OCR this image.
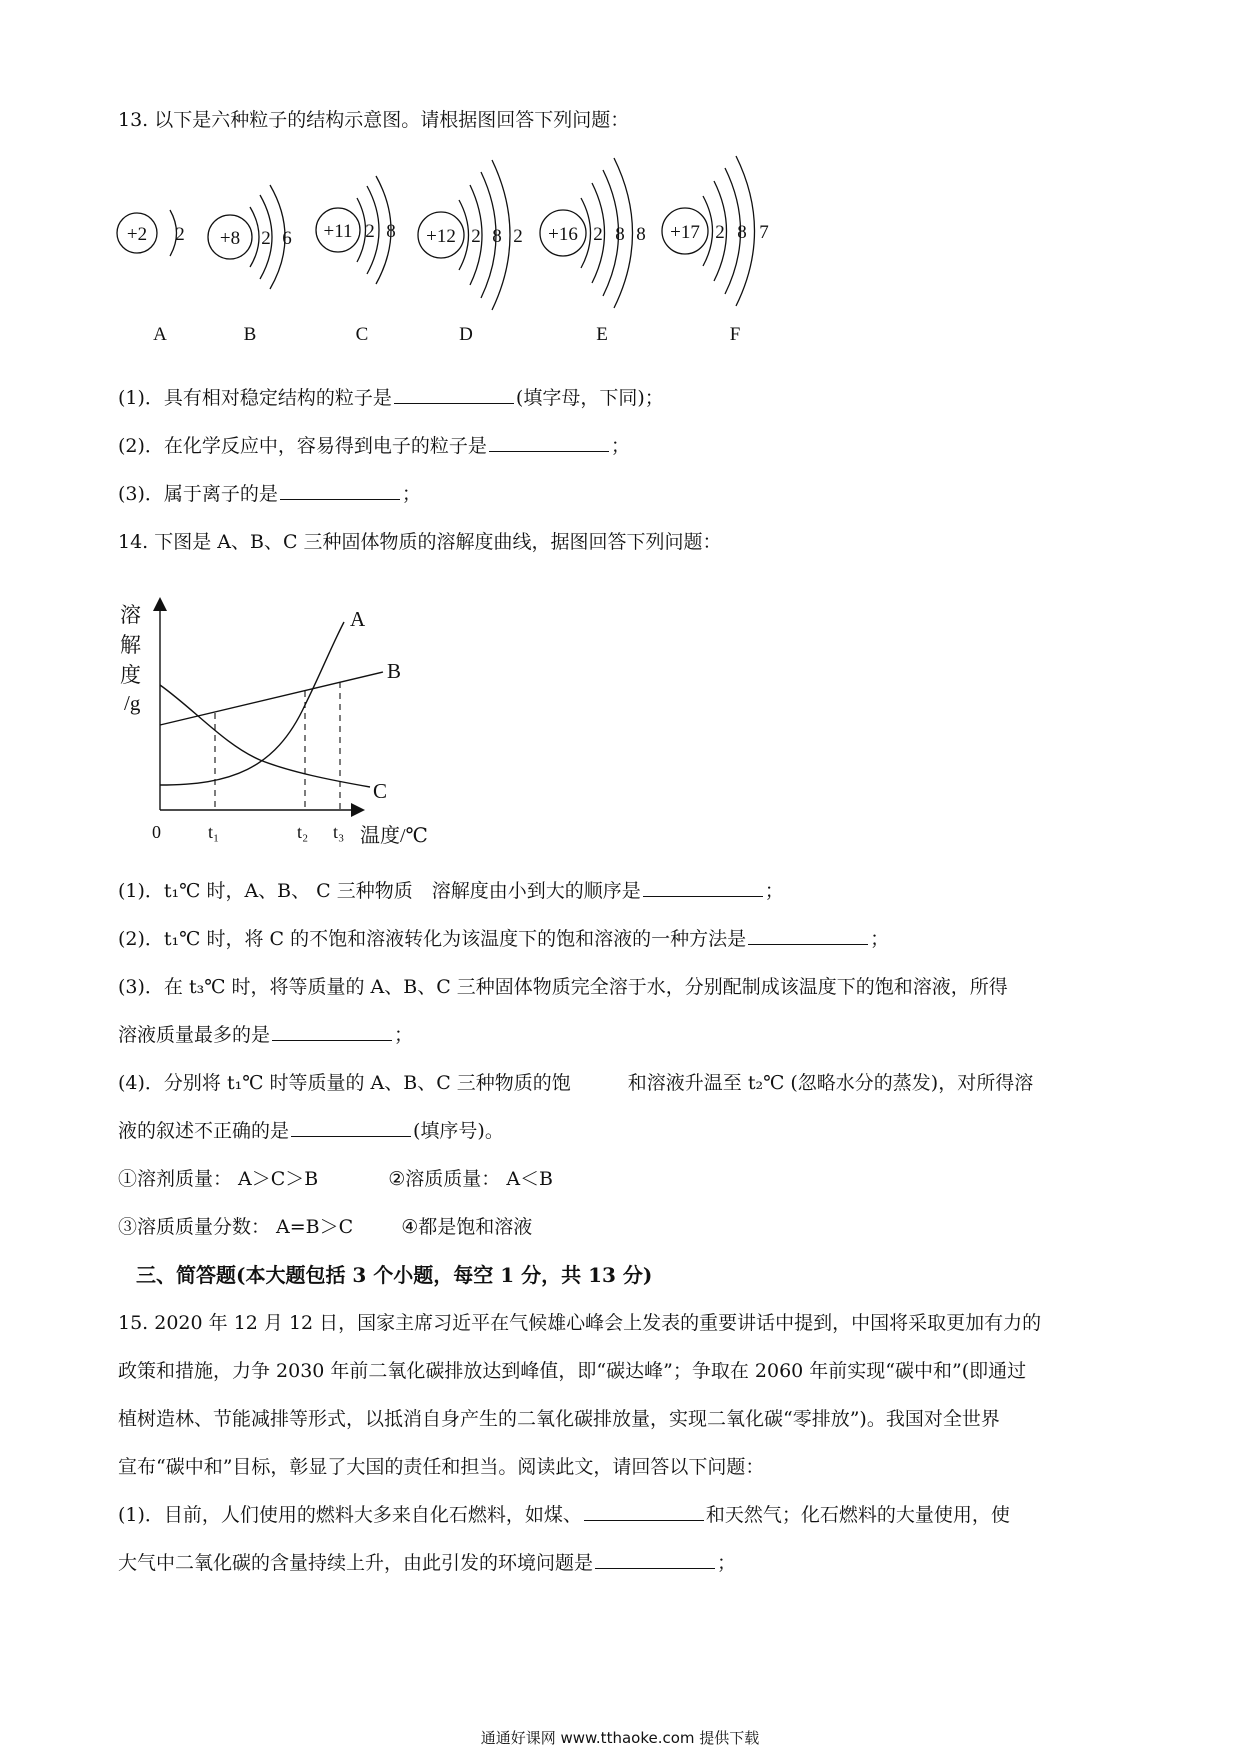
13. 以下是六种粒子的结构示意图。请根据图回答下列问题：
+2 2 +8 2 6 +11 2 8 +12 2 8 2 +16 2 8 8 +17 2 8 7
A	B	C	D	E	F
(1)．具有相对稳定结构的粒子是	(填字母，下同)；
(2)．在化学反应中，容易得到电子的粒子是	；
(3)．属于离子的是	；
14. 下图是 A、B、C 三种固体物质的溶解度曲线，据图回答下列问题：
溶
解
度
/g
A
B
C
0	t₁	t₂ t₃ 温度/℃
(1)．t₁℃ 时，A、B、 C 三种物质　溶解度由小到大的顺序是	；
(2)．t₁℃ 时，将 C 的不饱和溶液转化为该温度下的饱和溶液的一种方法是	；
(3)．在 t₃℃ 时，将等质量的 A、B、C 三种固体物质完全溶于水，分别配制成该温度下的饱和溶液，所得
溶液质量最多的是	；
(4)．分别将 t₁℃ 时等质量的 A、B、C 三种物质的饱　　　和溶液升温至 t₂℃ (忽略水分的蒸发)，对所得溶
液的叙述不正确的是	(填序号)。
①溶剂质量： A＞C＞B	②溶质质量： A＜B
③溶质质量分数： A=B＞C	④都是饱和溶液
三、简答题(本大题包括 3 个小题，每空 1 分，共 13 分)
15. 2020 年 12 月 12 日，国家主席习近平在气候雄心峰会上发表的重要讲话中提到，中国将采取更加有力的
政策和措施，力争 2030 年前二氧化碳排放达到峰值，即“碳达峰”；争取在 2060 年前实现“碳中和”(即通过
植树造林、节能减排等形式，以抵消自身产生的二氧化碳排放量，实现二氧化碳“零排放”)。我国对全世界
宣布“碳中和”目标，彰显了大国的责任和担当。阅读此文，请回答以下问题：
(1)．目前，人们使用的燃料大多来自化石燃料，如煤、	和天然气；化石燃料的大量使用，使
大气中二氧化碳的含量持续上升，由此引发的环境问题是	；
通通好课网 www.tthaoke.com 提供下载
